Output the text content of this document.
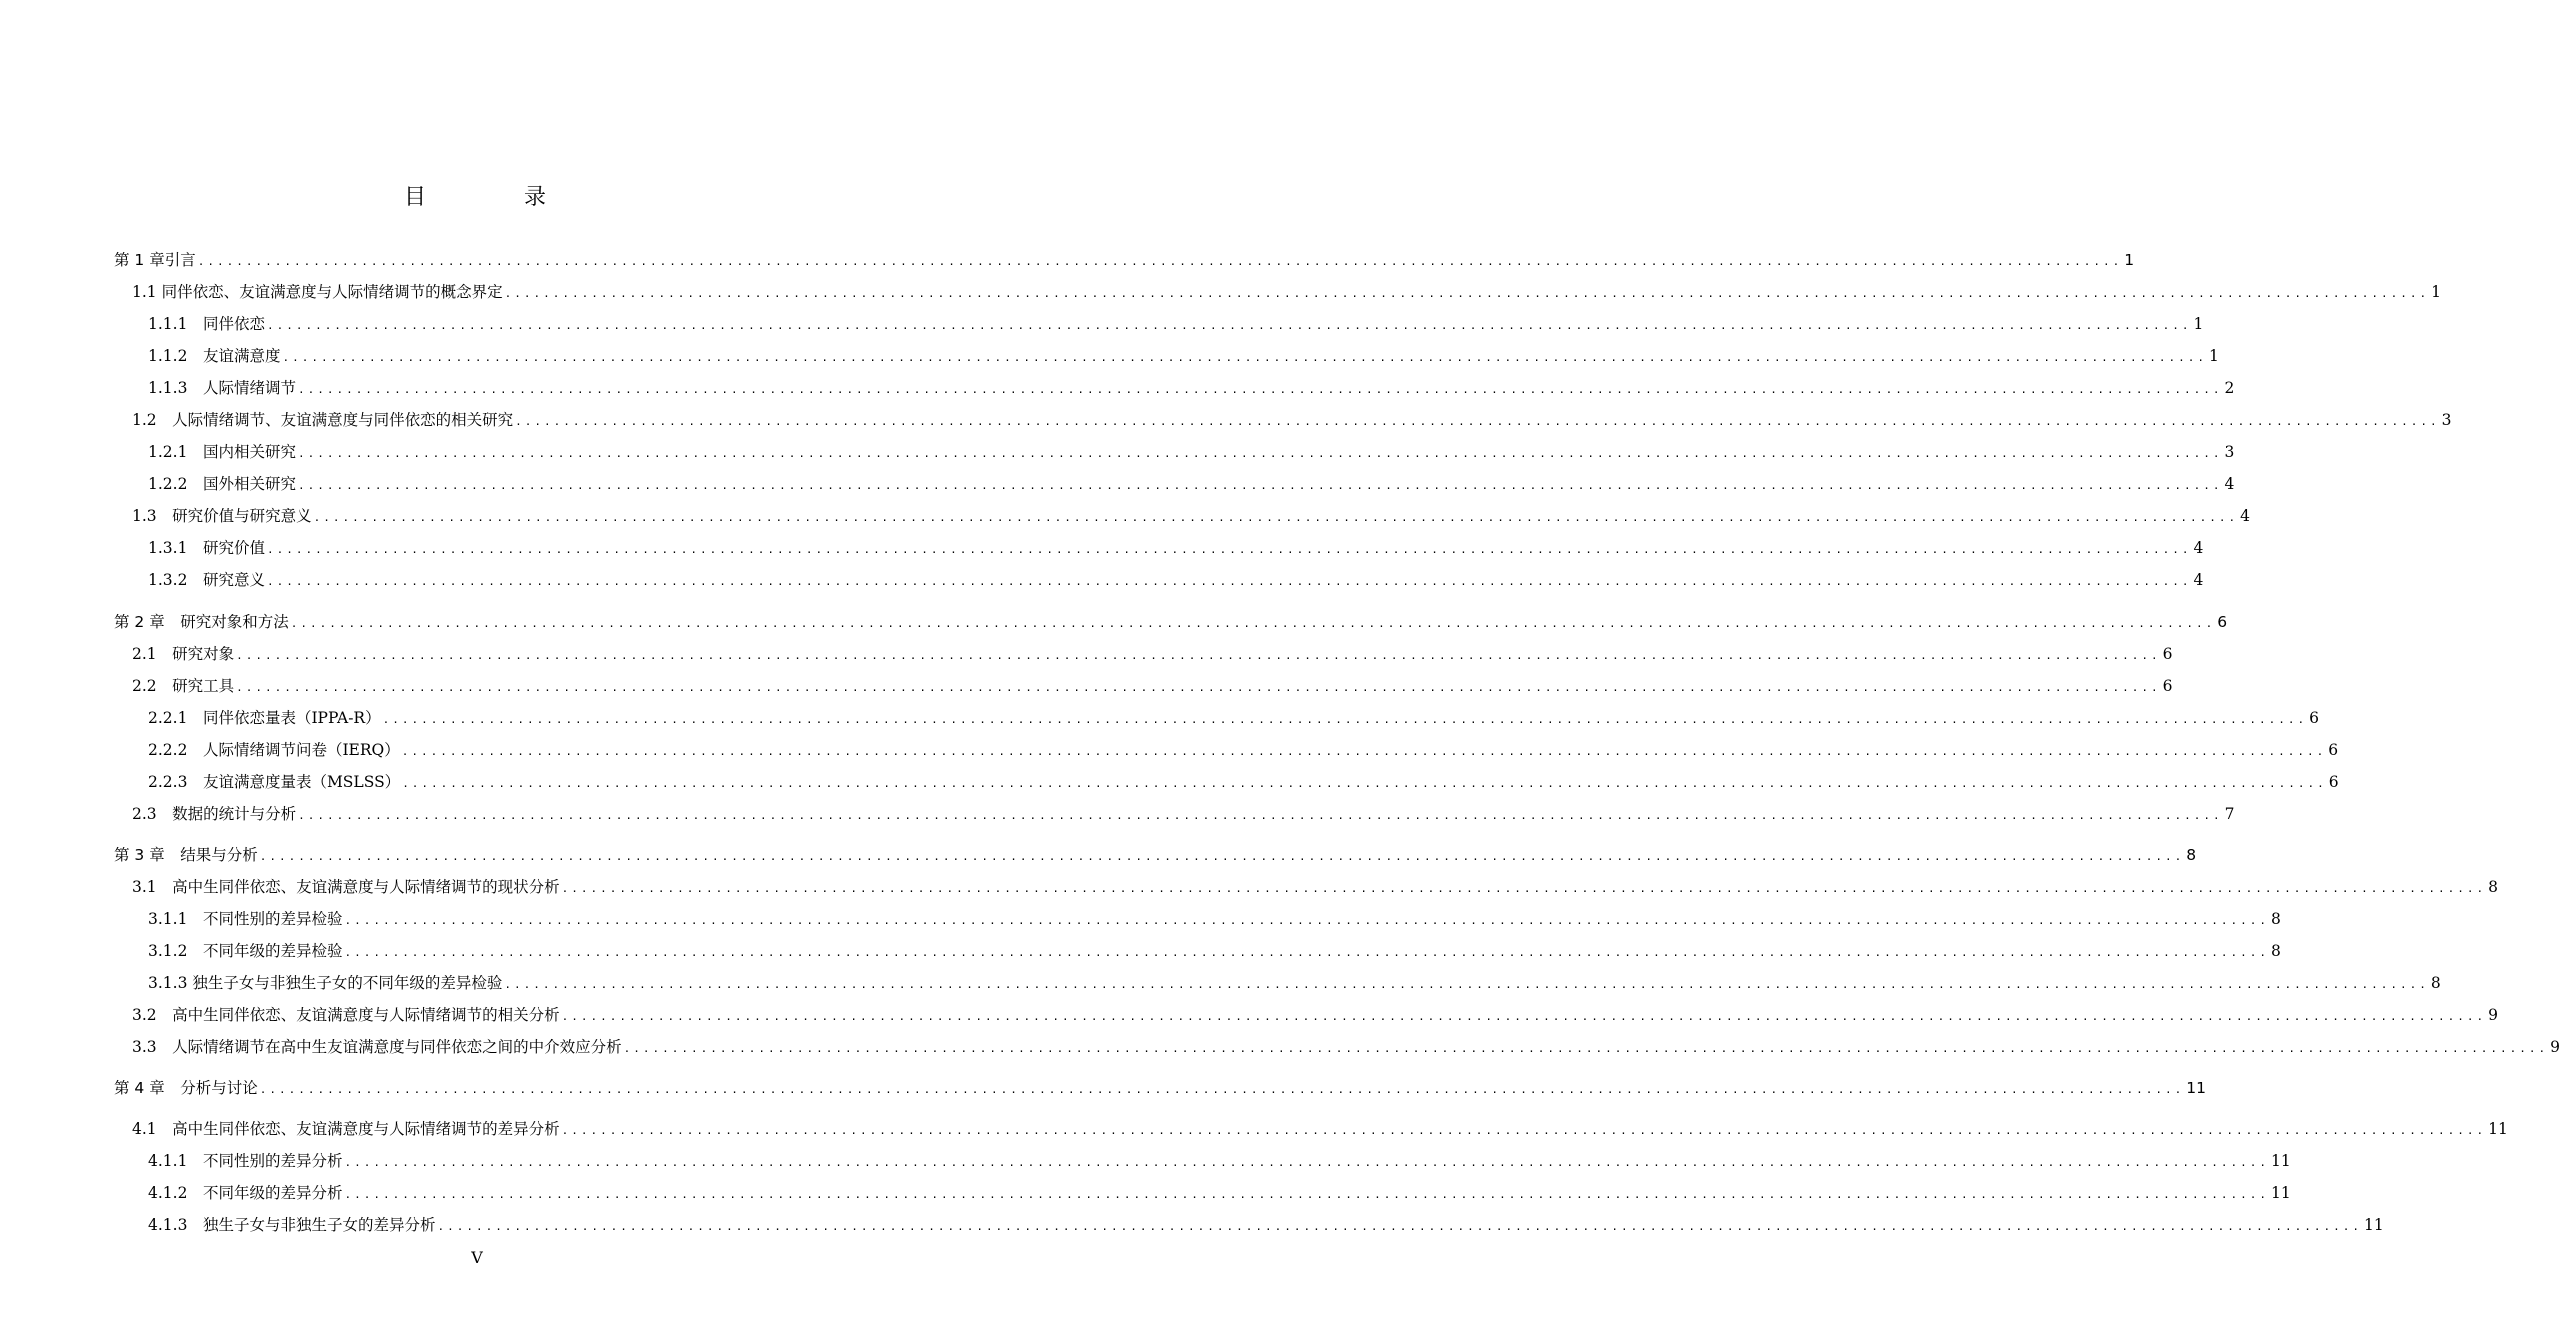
目　录
第 1 章引言 ........................................................................................................................................................................................................ 1
1.1 同伴依恋、友谊满意度与人际情绪调节的概念界定 ........................................................................................................................................................................................................ 1
1.1.1　同伴依恋 ........................................................................................................................................................................................................ 1
1.1.2　友谊满意度 ........................................................................................................................................................................................................ 1
1.1.3　人际情绪调节 ........................................................................................................................................................................................................ 2
1.2　人际情绪调节、友谊满意度与同伴依恋的相关研究 ........................................................................................................................................................................................................ 3
1.2.1　国内相关研究 ........................................................................................................................................................................................................ 3
1.2.2　国外相关研究 ........................................................................................................................................................................................................ 4
1.3　研究价值与研究意义 ........................................................................................................................................................................................................ 4
1.3.1　研究价值 ........................................................................................................................................................................................................ 4
1.3.2　研究意义 ........................................................................................................................................................................................................ 4
第 2 章　研究对象和方法 ........................................................................................................................................................................................................ 6
2.1　研究对象 ........................................................................................................................................................................................................ 6
2.2　研究工具 ........................................................................................................................................................................................................ 6
2.2.1　同伴依恋量表（IPPA-R） ........................................................................................................................................................................................................ 6
2.2.2　人际情绪调节问卷（IERQ） ........................................................................................................................................................................................................ 6
2.2.3　友谊满意度量表（MSLSS） ........................................................................................................................................................................................................ 6
2.3　数据的统计与分析 ........................................................................................................................................................................................................ 7
第 3 章　结果与分析 ........................................................................................................................................................................................................ 8
3.1　高中生同伴依恋、友谊满意度与人际情绪调节的现状分析 ........................................................................................................................................................................................................ 8
3.1.1　不同性别的差异检验 ........................................................................................................................................................................................................ 8
3.1.2　不同年级的差异检验 ........................................................................................................................................................................................................ 8
3.1.3 独生子女与非独生子女的不同年级的差异检验 ........................................................................................................................................................................................................ 8
3.2　高中生同伴依恋、友谊满意度与人际情绪调节的相关分析 ........................................................................................................................................................................................................ 9
3.3　人际情绪调节在高中生友谊满意度与同伴依恋之间的中介效应分析 ........................................................................................................................................................................................................ 9
第 4 章　分析与讨论 ........................................................................................................................................................................................................ 11
4.1　高中生同伴依恋、友谊满意度与人际情绪调节的差异分析 ........................................................................................................................................................................................................ 11
4.1.1　不同性别的差异分析 ........................................................................................................................................................................................................ 11
4.1.2　不同年级的差异分析 ........................................................................................................................................................................................................ 11
4.1.3　独生子女与非独生子女的差异分析 ........................................................................................................................................................................................................ 11
V
